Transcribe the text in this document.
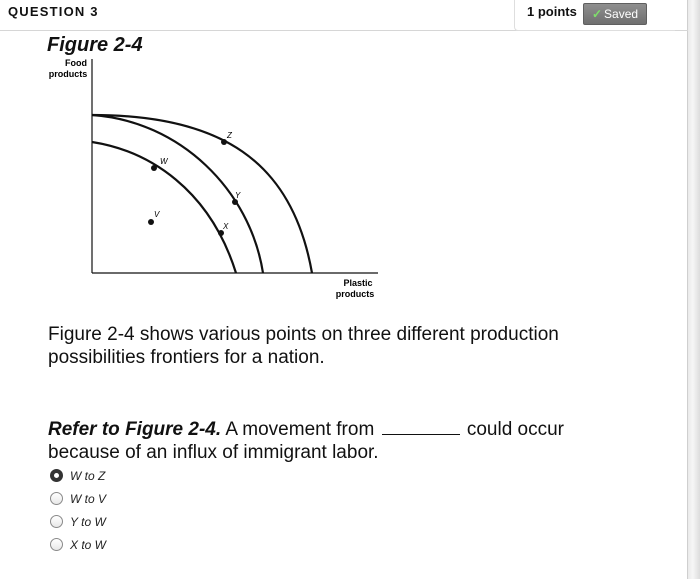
QUESTION 3	1 points	✓ Saved
Figure 2-4
Food
products
W
Z
Y
X
V
Plastic
products
Figure 2-4 shows various points on three different production possibilities frontiers for a nation.
Refer to Figure 2-4. A movement from	could occur because of an influx of immigrant labor.
W to Z
W to V
Y to W
X to W
